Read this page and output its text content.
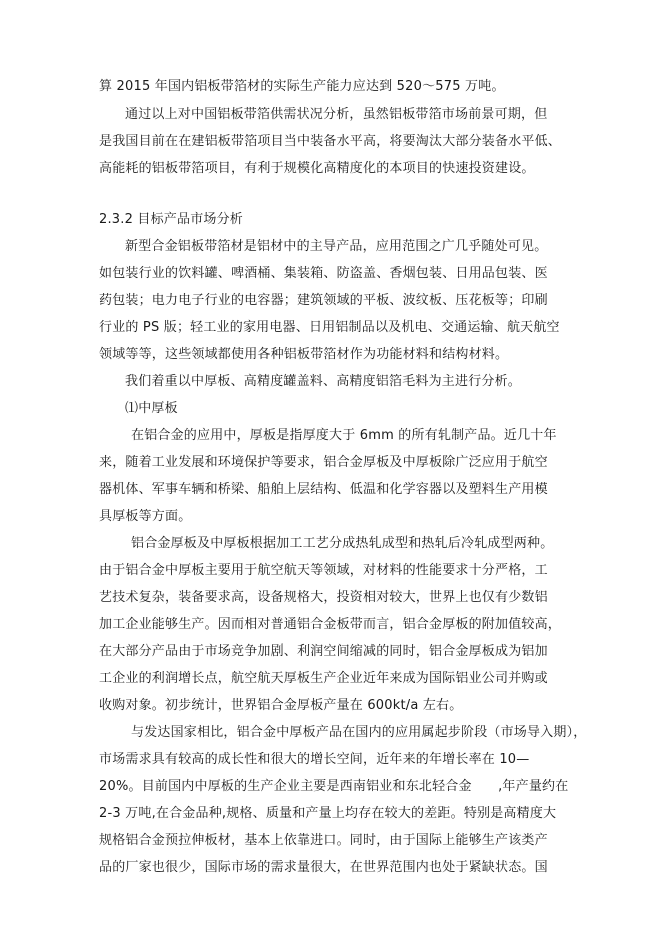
算 2015 年国内铝板带箔材的实际生产能力应达到 520～575 万吨。
通过以上对中国铝板带箔供需状况分析，虽然铝板带箔市场前景可期，但
是我国目前在在建铝板带箔项目当中装备水平高，将要淘汰大部分装备水平低、
高能耗的铝板带箔项目，有利于规模化高精度化的本项目的快速投资建设。
2.3.2 目标产品市场分析
新型合金铝板带箔材是铝材中的主导产品，应用范围之广几乎随处可见。
如包装行业的饮料罐、啤酒桶、集装箱、防盗盖、香烟包装、日用品包装、医
药包装；电力电子行业的电容器；建筑领域的平板、波纹板、压花板等；印刷
行业的 PS 版；轻工业的家用电器、日用铝制品以及机电、交通运输、航天航空
领域等等，这些领域都使用各种铝板带箔材作为功能材料和结构材料。
我们着重以中厚板、高精度罐盖料、高精度铝箔毛料为主进行分析。
⑴中厚板
在铝合金的应用中，厚板是指厚度大于 6mm 的所有轧制产品。近几十年
来，随着工业发展和环境保护等要求，铝合金厚板及中厚板除广泛应用于航空
器机体、军事车辆和桥梁、船舶上层结构、低温和化学容器以及塑料生产用模
具厚板等方面。
铝合金厚板及中厚板根据加工工艺分成热轧成型和热轧后冷轧成型两种。
由于铝合金中厚板主要用于航空航天等领域，对材料的性能要求十分严格，工
艺技术复杂，装备要求高，设备规格大，投资相对较大，世界上也仅有少数铝
加工企业能够生产。因而相对普通铝合金板带而言，铝合金厚板的附加值较高，
在大部分产品由于市场竞争加剧、利润空间缩减的同时，铝合金厚板成为铝加
工企业的利润增长点，航空航天厚板生产企业近年来成为国际铝业公司并购或
收购对象。初步统计，世界铝合金厚板产量在 600kt/a 左右。
与发达国家相比，铝合金中厚板产品在国内的应用属起步阶段（市场导入期），
市场需求具有较高的成长性和很大的增长空间，近年来的年增长率在 10—
20%。目前国内中厚板的生产企业主要是西南铝业和东北轻合金　　,年产量约在
2-3 万吨,在合金品种,规格、质量和产量上均存在较大的差距。特别是高精度大
规格铝合金预拉伸板材，基本上依靠进口。同时，由于国际上能够生产该类产
品的厂家也很少，国际市场的需求量很大，在世界范围内也处于紧缺状态。国
